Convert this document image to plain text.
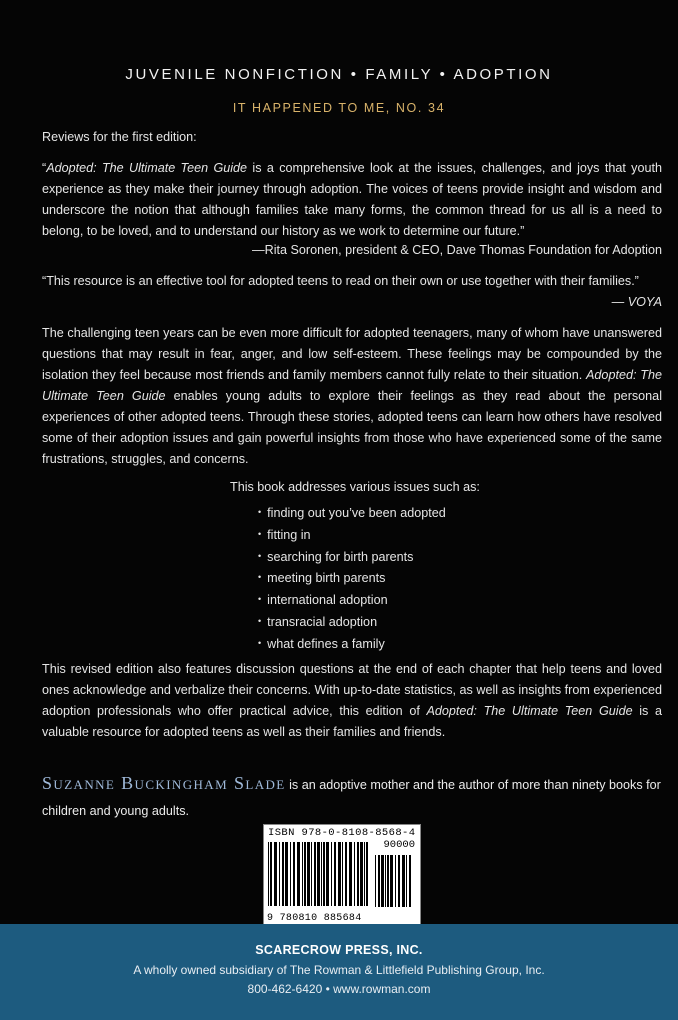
JUVENILE NONFICTION • FAMILY • ADOPTION
IT HAPPENED TO ME, NO. 34
Reviews for the first edition:
“Adopted: The Ultimate Teen Guide is a comprehensive look at the issues, challenges, and joys that youth experience as they make their journey through adoption. The voices of teens provide insight and wisdom and underscore the notion that although families take many forms, the common thread for us all is a need to belong, to be loved, and to understand our history as we work to determine our future.”
—Rita Soronen, president & CEO, Dave Thomas Foundation for Adoption
“This resource is an effective tool for adopted teens to read on their own or use together with their families.”
— VOYA
The challenging teen years can be even more difficult for adopted teenagers, many of whom have unanswered questions that may result in fear, anger, and low self-esteem. These feelings may be compounded by the isolation they feel because most friends and family members cannot fully relate to their situation. Adopted: The Ultimate Teen Guide enables young adults to explore their feelings as they read about the personal experiences of other adopted teens. Through these stories, adopted teens can learn how others have resolved some of their adoption issues and gain powerful insights from those who have experienced some of the same frustrations, struggles, and concerns.
This book addresses various issues such as:
• finding out you’ve been adopted
• fitting in
• searching for birth parents
• meeting birth parents
• international adoption
• transracial adoption
• what defines a family
This revised edition also features discussion questions at the end of each chapter that help teens and loved ones acknowledge and verbalize their concerns. With up-to-date statistics, as well as insights from experienced adoption professionals who offer practical advice, this edition of Adopted: The Ultimate Teen Guide is a valuable resource for adopted teens as well as their families and friends.
Suzanne Buckingham Slade is an adoptive mother and the author of more than ninety books for children and young adults.
ISBN 978-0-8108-8568-4
90000
9 780810 885684
SCARECROW PRESS, INC.
A wholly owned subsidiary of The Rowman & Littlefield Publishing Group, Inc.
800-462-6420 • www.rowman.com
